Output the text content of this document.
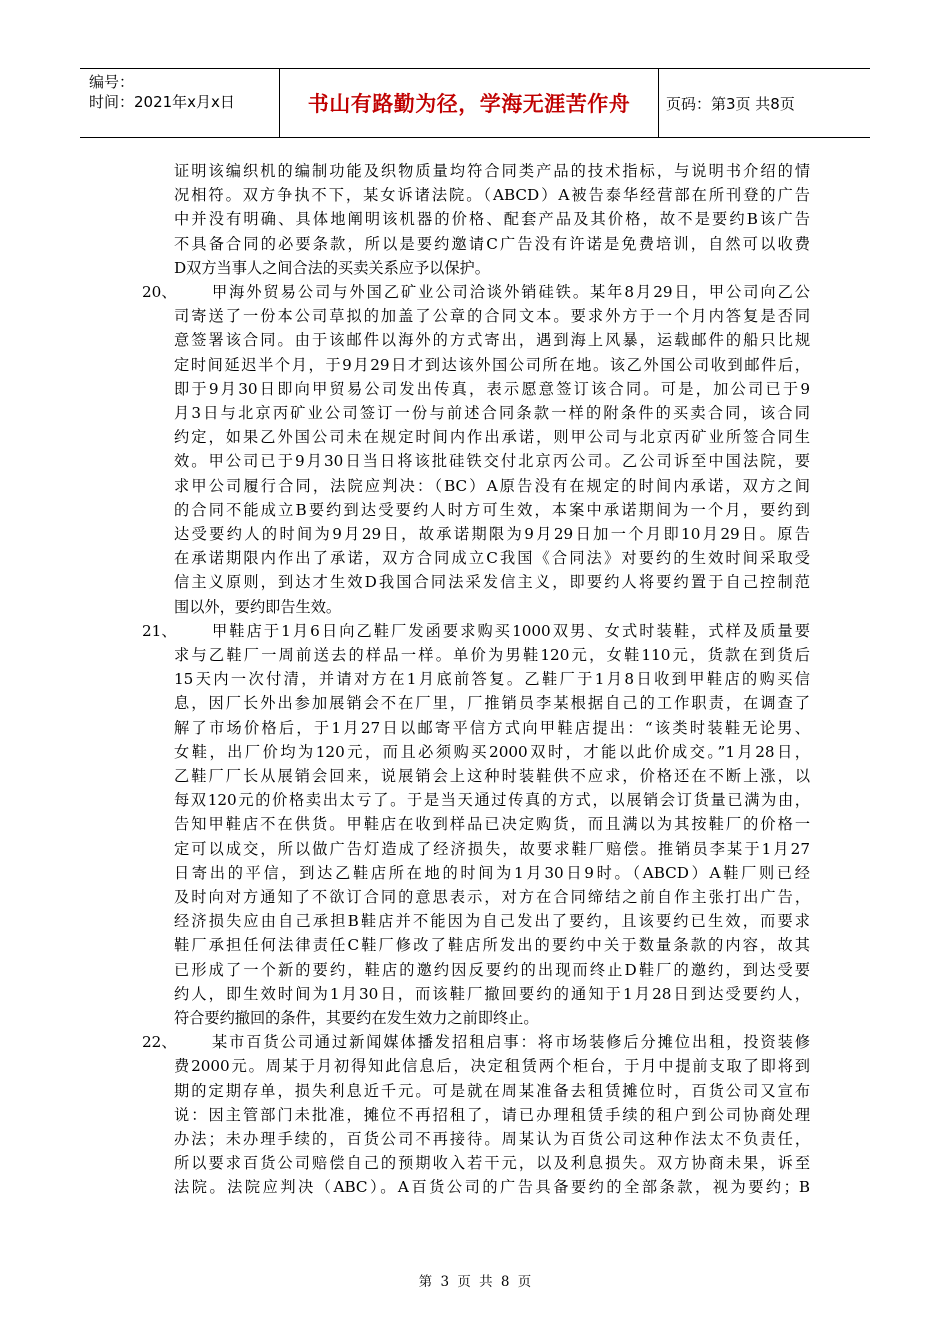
编号：
时间：2021年x月x日	书山有路勤为径，学海无涯苦作舟	页码：第3页 共8页
证明该编织机的编制功能及织物质量均符合同类产品的技术指标，与说明书介绍的情
况相符。双方争执不下，某女诉诸法院。（ABCD）A被告泰华经营部在所刊登的广告
中并没有明确、具体地阐明该机器的价格、配套产品及其价格，故不是要约B该广告
不具备合同的必要条款，所以是要约邀请C广告没有许诺是免费培训，自然可以收费
D双方当事人之间合法的买卖关系应予以保护。
20、 甲海外贸易公司与外国乙矿业公司洽谈外销硅铁。某年8月29日，甲公司向乙公
司寄送了一份本公司草拟的加盖了公章的合同文本。要求外方于一个月内答复是否同
意签署该合同。由于该邮件以海外的方式寄出，遇到海上风暴，运载邮件的船只比规
定时间延迟半个月，于9月29日才到达该外国公司所在地。该乙外国公司收到邮件后，
即于9月30日即向甲贸易公司发出传真，表示愿意签订该合同。可是，加公司已于9
月3日与北京丙矿业公司签订一份与前述合同条款一样的附条件的买卖合同，该合同
约定，如果乙外国公司未在规定时间内作出承诺，则甲公司与北京丙矿业所签合同生
效。甲公司已于9月30日当日将该批硅铁交付北京丙公司。乙公司诉至中国法院，要
求甲公司履行合同，法院应判决：（BC）A原告没有在规定的时间内承诺，双方之间
的合同不能成立B要约到达受要约人时方可生效，本案中承诺期间为一个月，要约到
达受要约人的时间为9月29日，故承诺期限为9月29日加一个月即10月29日。原告
在承诺期限内作出了承诺，双方合同成立C我国《合同法》对要约的生效时间采取受
信主义原则，到达才生效D我国合同法采发信主义，即要约人将要约置于自己控制范
围以外，要约即告生效。
21、 甲鞋店于1月6日向乙鞋厂发函要求购买1000双男、女式时装鞋，式样及质量要
求与乙鞋厂一周前送去的样品一样。单价为男鞋120元，女鞋110元，货款在到货后
15天内一次付清，并请对方在1月底前答复。乙鞋厂于1月8日收到甲鞋店的购买信
息，因厂长外出参加展销会不在厂里，厂推销员李某根据自己的工作职责，在调查了
解了市场价格后，于1月27日以邮寄平信方式向甲鞋店提出：“该类时装鞋无论男、
女鞋，出厂价均为120元，而且必须购买2000双时，才能以此价成交。”1月28日，
乙鞋厂厂长从展销会回来，说展销会上这种时装鞋供不应求，价格还在不断上涨，以
每双120元的价格卖出太亏了。于是当天通过传真的方式，以展销会订货量已满为由，
告知甲鞋店不在供货。甲鞋店在收到样品已决定购货，而且满以为其按鞋厂的价格一
定可以成交，所以做广告灯造成了经济损失，故要求鞋厂赔偿。推销员李某于1月27
日寄出的平信，到达乙鞋店所在地的时间为1月30日9时。（ABCD）A鞋厂则已经
及时向对方通知了不欲订合同的意思表示，对方在合同缔结之前自作主张打出广告，
经济损失应由自己承担B鞋店并不能因为自己发出了要约，且该要约已生效，而要求
鞋厂承担任何法律责任C鞋厂修改了鞋店所发出的要约中关于数量条款的内容，故其
已形成了一个新的要约，鞋店的邀约因反要约的出现而终止D鞋厂的邀约，到达受要
约人，即生效时间为1月30日，而该鞋厂撤回要约的通知于1月28日到达受要约人，
符合要约撤回的条件，其要约在发生效力之前即终止。
22、 某市百货公司通过新闻媒体播发招租启事：将市场装修后分摊位出租，投资装修
费2000元。周某于月初得知此信息后，决定租赁两个柜台，于月中提前支取了即将到
期的定期存单，损失利息近千元。可是就在周某准备去租赁摊位时，百货公司又宣布
说：因主管部门未批准，摊位不再招租了，请已办理租赁手续的租户到公司协商处理
办法；未办理手续的，百货公司不再接待。周某认为百货公司这种作法太不负责任，
所以要求百货公司赔偿自己的预期收入若干元，以及利息损失。双方协商未果，诉至
法院。法院应判决（ABC）。A百货公司的广告具备要约的全部条款，视为要约；B
第 3 页 共 8 页
